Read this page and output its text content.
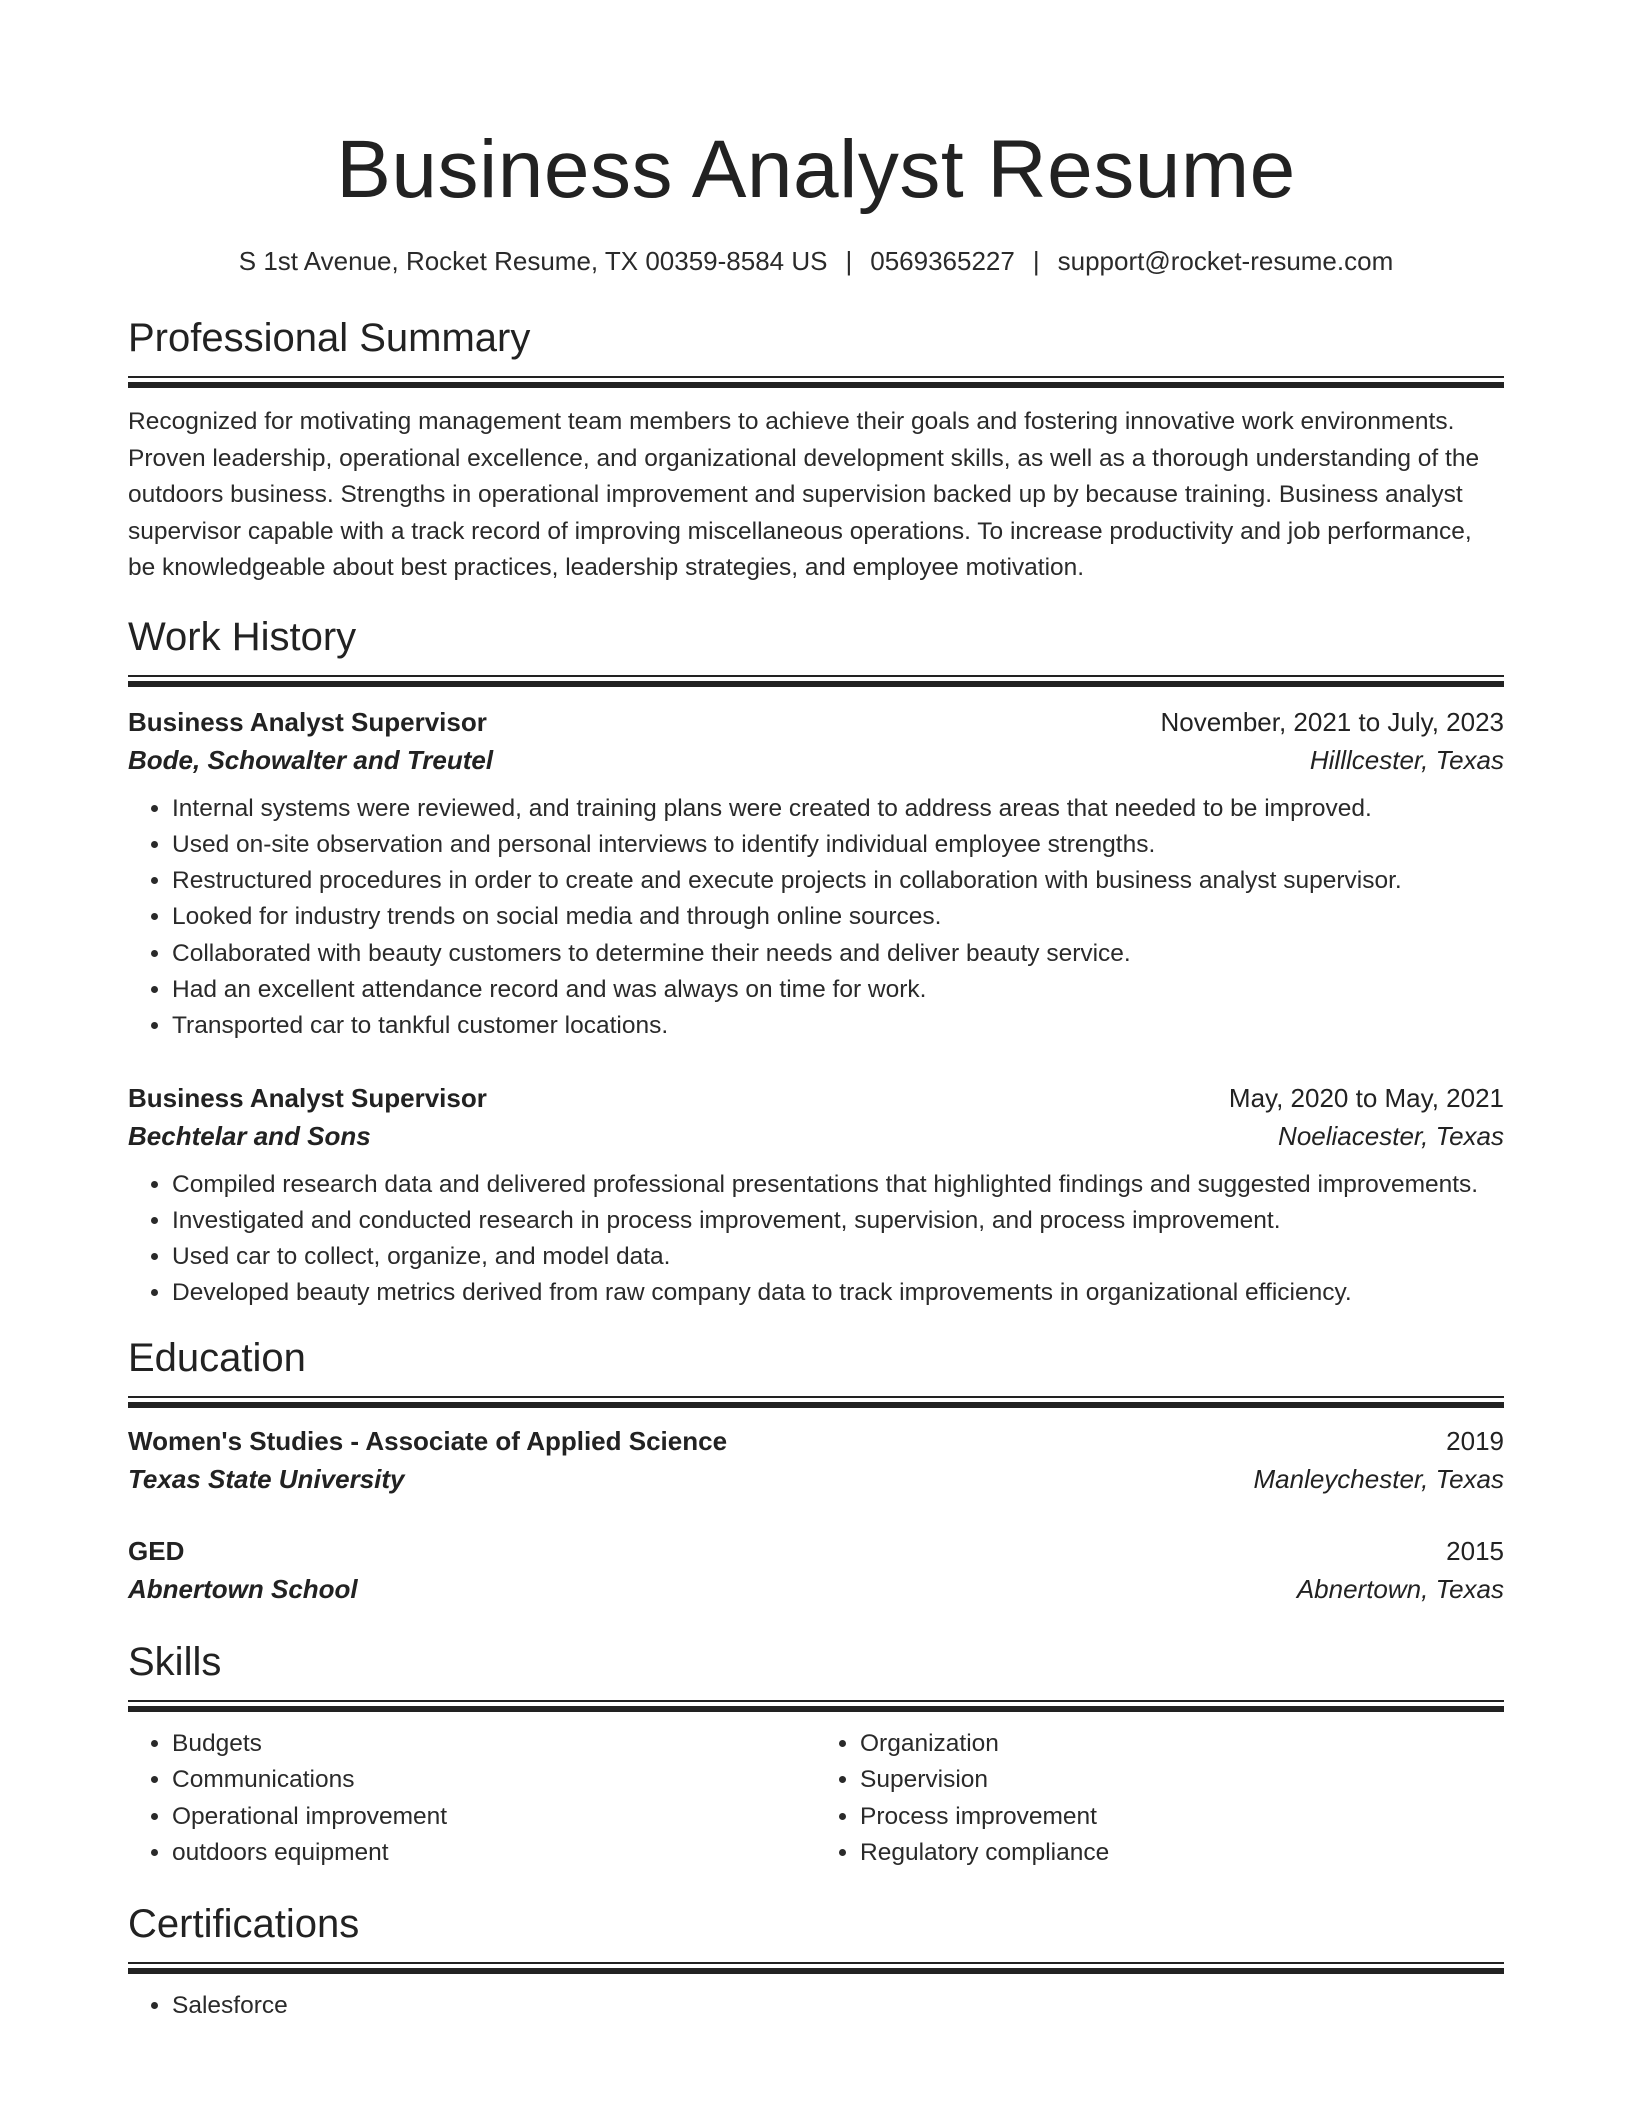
Business Analyst Resume
S 1st Avenue, Rocket Resume, TX 00359-8584 US | 0569365227 | support@rocket-resume.com
Professional Summary
Recognized for motivating management team members to achieve their goals and fostering innovative work environments. Proven leadership, operational excellence, and organizational development skills, as well as a thorough understanding of the outdoors business. Strengths in operational improvement and supervision backed up by because training. Business analyst supervisor capable with a track record of improving miscellaneous operations. To increase productivity and job performance, be knowledgeable about best practices, leadership strategies, and employee motivation.
Work History
Business Analyst Supervisor	November, 2021 to July, 2023
Bode, Schowalter and Treutel	Hilllcester, Texas
• Internal systems were reviewed, and training plans were created to address areas that needed to be improved.
• Used on-site observation and personal interviews to identify individual employee strengths.
• Restructured procedures in order to create and execute projects in collaboration with business analyst supervisor.
• Looked for industry trends on social media and through online sources.
• Collaborated with beauty customers to determine their needs and deliver beauty service.
• Had an excellent attendance record and was always on time for work.
• Transported car to tankful customer locations.
Business Analyst Supervisor	May, 2020 to May, 2021
Bechtelar and Sons	Noeliacester, Texas
• Compiled research data and delivered professional presentations that highlighted findings and suggested improvements.
• Investigated and conducted research in process improvement, supervision, and process improvement.
• Used car to collect, organize, and model data.
• Developed beauty metrics derived from raw company data to track improvements in organizational efficiency.
Education
Women's Studies - Associate of Applied Science	2019
Texas State University	Manleychester, Texas
GED	2015
Abnertown School	Abnertown, Texas
Skills
• Budgets
• Communications
• Operational improvement
• outdoors equipment
• Organization
• Supervision
• Process improvement
• Regulatory compliance
Certifications
• Salesforce
